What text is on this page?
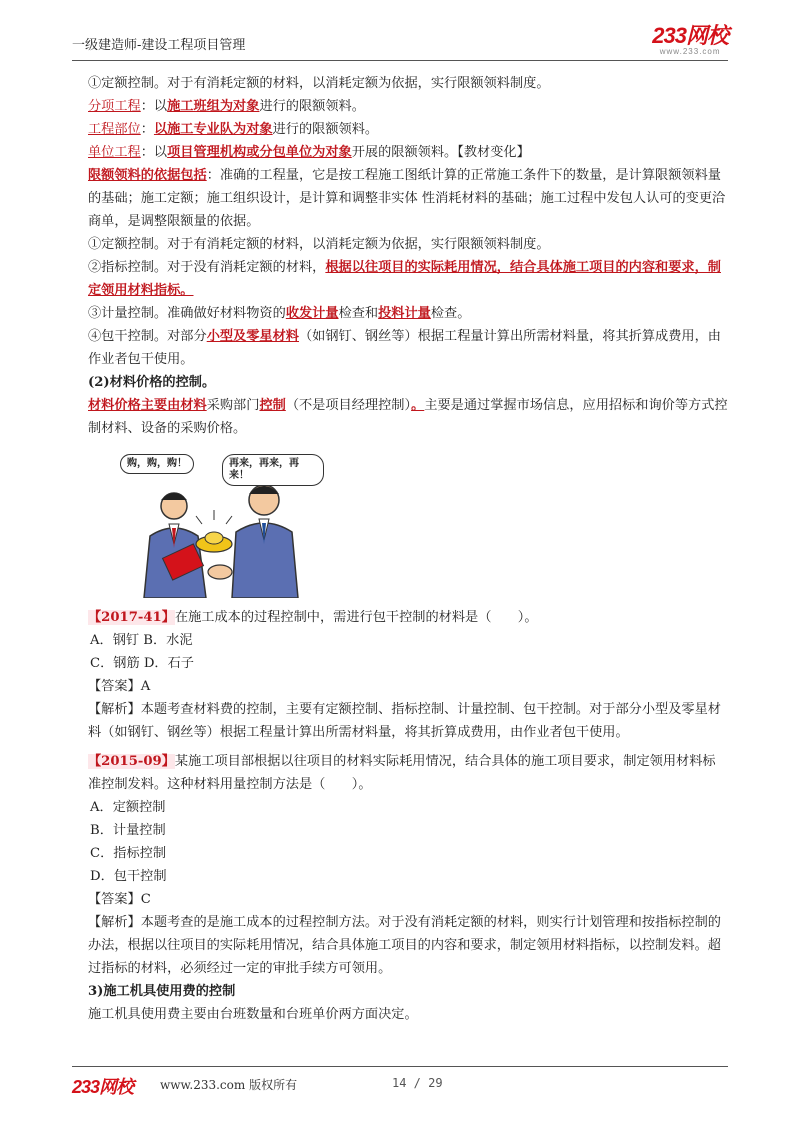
一级建造师-建设工程项目管理	233网校
www.233.com

①定额控制。对于有消耗定额的材料，以消耗定额为依据，实行限额领料制度。

分项工程：以施工班组为对象进行的限额领料。

工程部位：以施工专业队为对象进行的限额领料。

单位工程：以项目管理机构或分包单位为对象开展的限额领料。【教材变化】

限额领料的依据包括：准确的工程量，它是按工程施工图纸计算的正常施工条件下的数量，是计算限额领料量的基础；施工定额；施工组织设计，是计算和调整非实体 性消耗材料的基础；施工过程中发包人认可的变更洽商单，是调整限额量的依据。

①定额控制。对于有消耗定额的材料，以消耗定额为依据，实行限额领料制度。

②指标控制。对于没有消耗定额的材料，根据以往项目的实际耗用情况，结合具体施工项目的内容和要求，制定领用材料指标。

③计量控制。准确做好材料物资的收发计量检查和投料计量检查。

④包干控制。对部分小型及零星材料（如钢钉、钢丝等）根据工程量计算出所需材料量，将其折算成费用，由作业者包干使用。

(2)材料价格的控制。

材料价格主要由材料采购部门控制（不是项目经理控制）。主要是通过掌握市场信息，应用招标和询价等方式控制材料、设备的采购价格。

购，购，购！	再来，再来，再来！

【2017-41】在施工成本的过程控制中，需进行包干控制的材料是（　　）。

A．钢钉 B．水泥

C．钢筋 D．石子

【答案】A

【解析】本题考查材料费的控制，主要有定额控制、指标控制、计量控制、包干控制。对于部分小型及零星材料（如钢钉、钢丝等）根据工程量计算出所需材料量，将其折算成费用，由作业者包干使用。

【2015-09】某施工项目部根据以往项目的材料实际耗用情况，结合具体的施工项目要求，制定领用材料标准控制发料。这种材料用量控制方法是（　　）。

A．定额控制

B．计量控制

C．指标控制

D．包干控制

【答案】C

【解析】本题考查的是施工成本的过程控制方法。对于没有消耗定额的材料，则实行计划管理和按指标控制的办法，根据以往项目的实际耗用情况，结合具体施工项目的内容和要求，制定领用材料指标，以控制发料。超过指标的材料，必须经过一定的审批手续方可领用。

3)施工机具使用费的控制

施工机具使用费主要由台班数量和台班单价两方面决定。

233网校 www.233.com 版权所有	14 / 29
